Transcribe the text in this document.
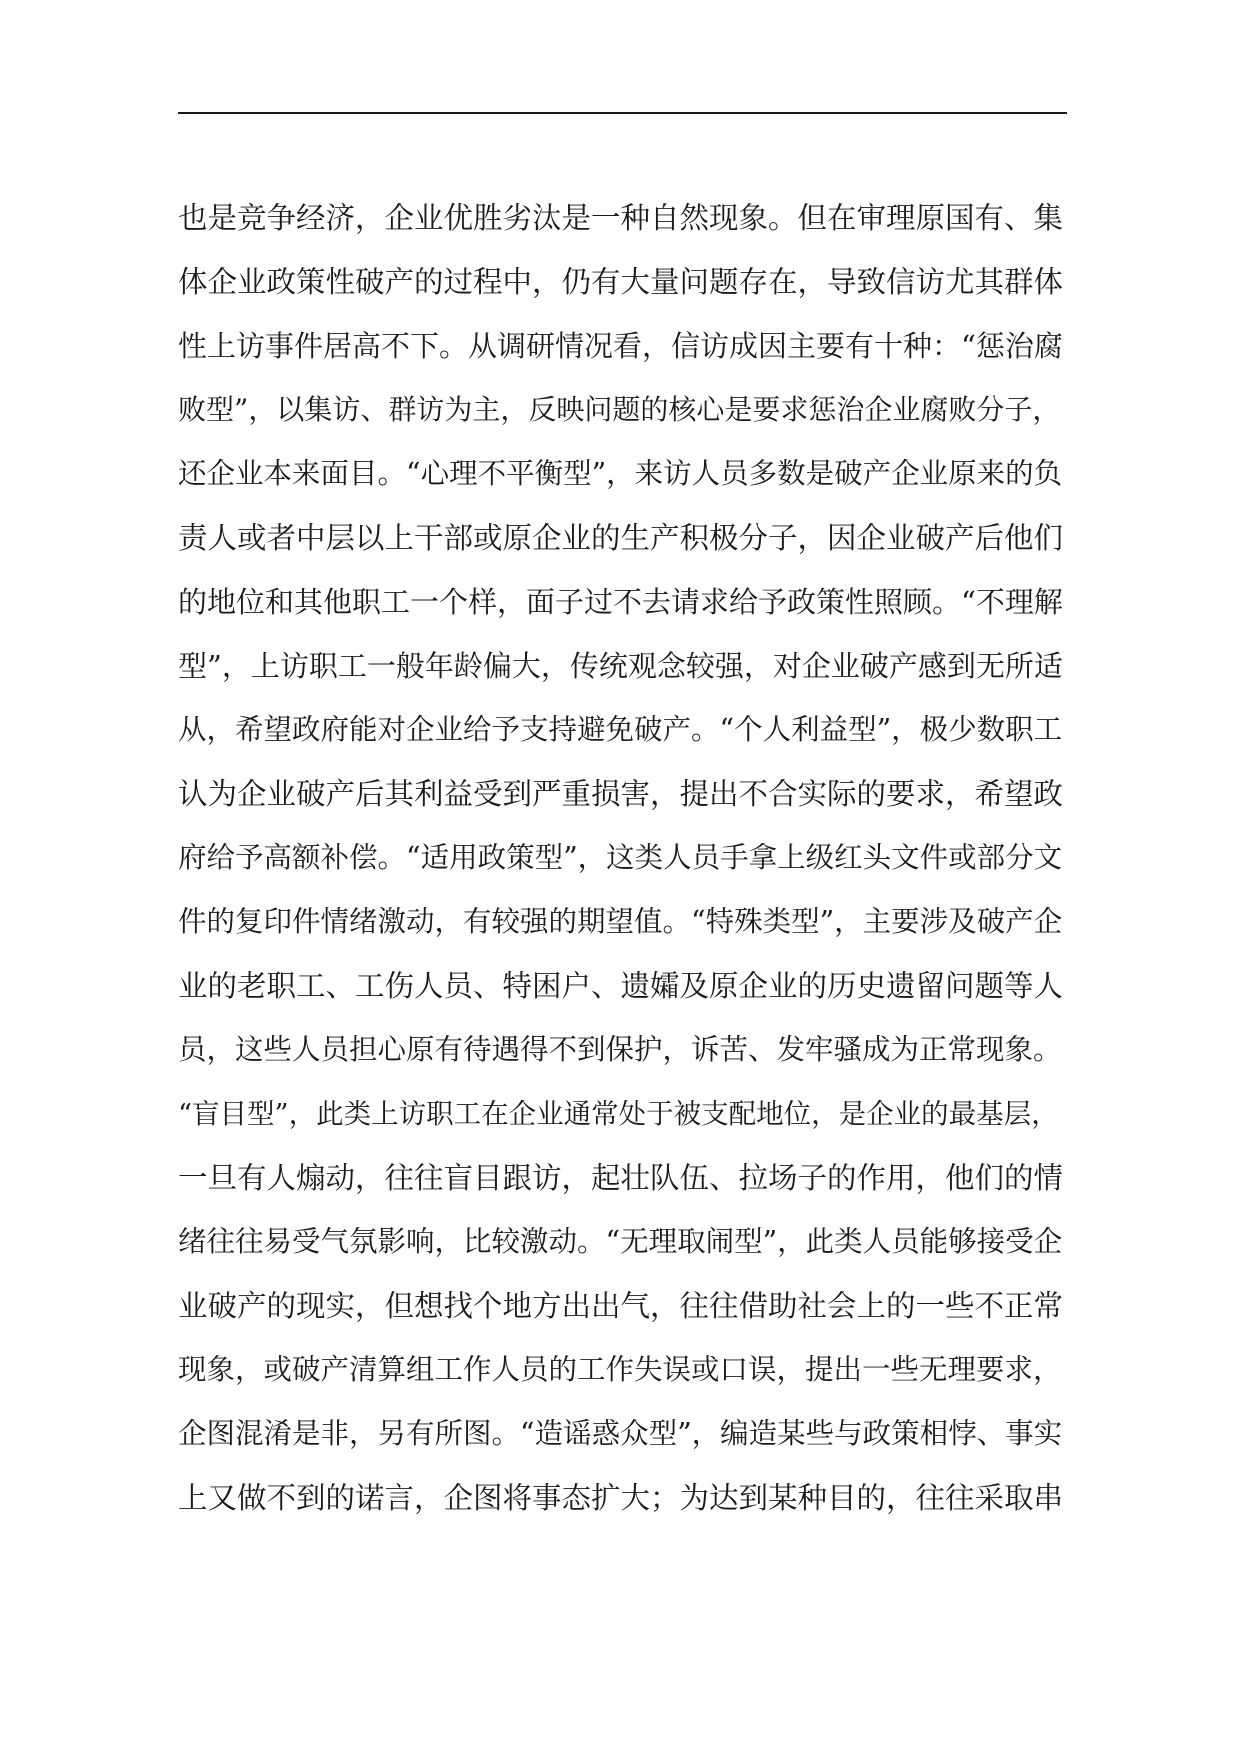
也是竞争经济，企业优胜劣汰是一种自然现象。但在审理原国有、集
体企业政策性破产的过程中，仍有大量问题存在，导致信访尤其群体
性上访事件居高不下。从调研情况看，信访成因主要有十种：“惩治腐
败型”，以集访、群访为主，反映问题的核心是要求惩治企业腐败分子，
还企业本来面目。“心理不平衡型”，来访人员多数是破产企业原来的负
责人或者中层以上干部或原企业的生产积极分子，因企业破产后他们
的地位和其他职工一个样，面子过不去请求给予政策性照顾。“不理解
型”，上访职工一般年龄偏大，传统观念较强，对企业破产感到无所适
从，希望政府能对企业给予支持避免破产。“个人利益型”，极少数职工
认为企业破产后其利益受到严重损害，提出不合实际的要求，希望政
府给予高额补偿。“适用政策型”，这类人员手拿上级红头文件或部分文
件的复印件情绪激动，有较强的期望值。“特殊类型”，主要涉及破产企
业的老职工、工伤人员、特困户、遗孀及原企业的历史遗留问题等人
员，这些人员担心原有待遇得不到保护，诉苦、发牢骚成为正常现象。
“盲目型”，此类上访职工在企业通常处于被支配地位，是企业的最基层，
一旦有人煽动，往往盲目跟访，起壮队伍、拉场子的作用，他们的情
绪往往易受气氛影响，比较激动。“无理取闹型”，此类人员能够接受企
业破产的现实，但想找个地方出出气，往往借助社会上的一些不正常
现象，或破产清算组工作人员的工作失误或口误，提出一些无理要求，
企图混淆是非，另有所图。“造谣惑众型”，编造某些与政策相悖、事实
上又做不到的诺言，企图将事态扩大；为达到某种目的，往往采取串
